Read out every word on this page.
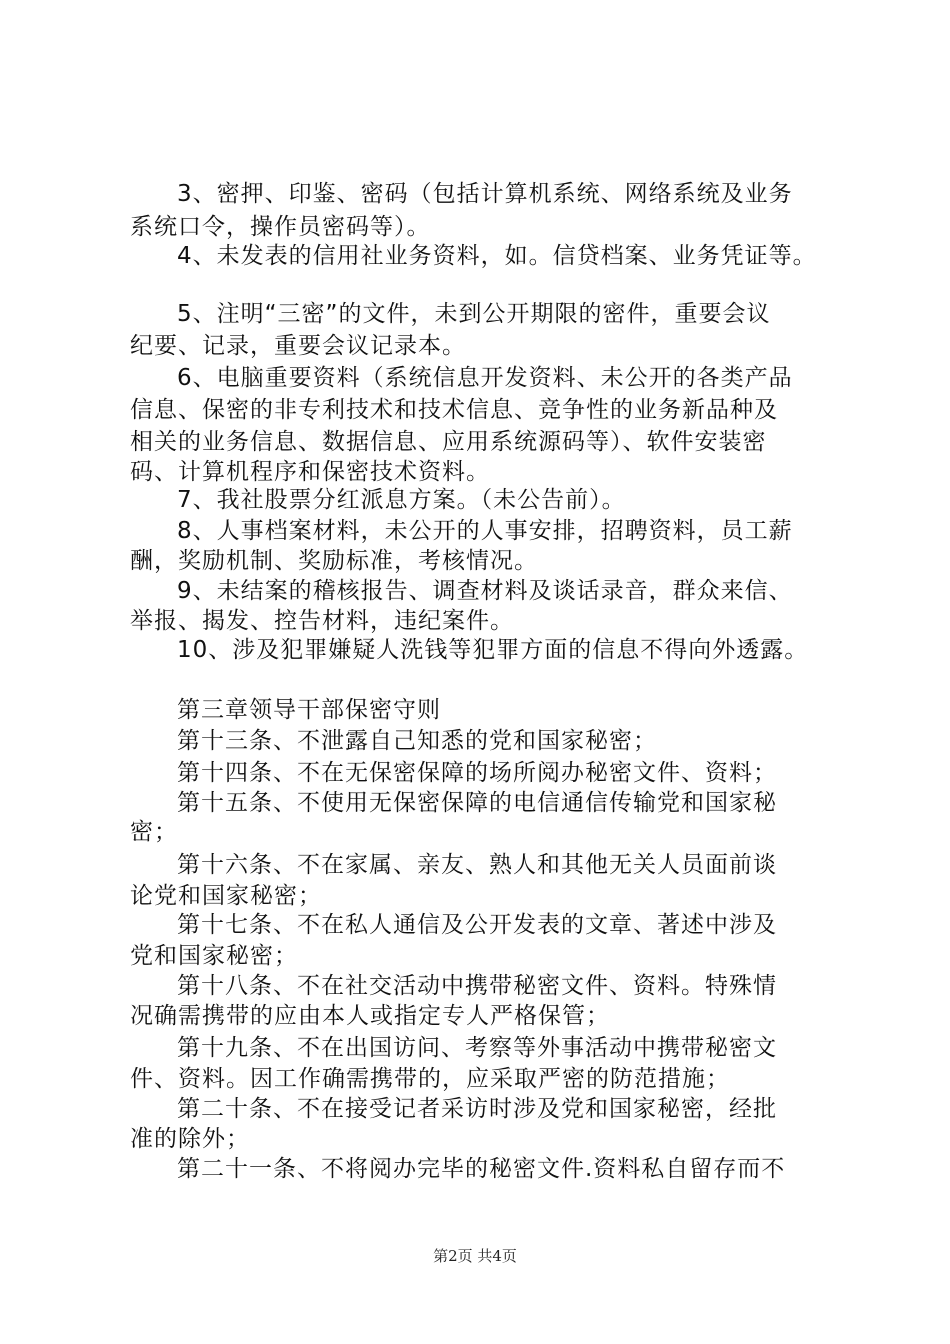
3、密押、印鉴、密码（包括计算机系统、网络系统及业务
系统口令，操作员密码等）。
4、未发表的信用社业务资料，如。信贷档案、业务凭证等。
5、注明“三密”的文件，未到公开期限的密件，重要会议
纪要、记录，重要会议记录本。
6、电脑重要资料（系统信息开发资料、未公开的各类产品
信息、保密的非专利技术和技术信息、竞争性的业务新品种及
相关的业务信息、数据信息、应用系统源码等）、软件安装密
码、计算机程序和保密技术资料。
7、我社股票分红派息方案。（未公告前）。
8、人事档案材料，未公开的人事安排，招聘资料，员工薪
酬，奖励机制、奖励标准，考核情况。
9、未结案的稽核报告、调查材料及谈话录音，群众来信、
举报、揭发、控告材料，违纪案件。
10、涉及犯罪嫌疑人洗钱等犯罪方面的信息不得向外透露。
第三章领导干部保密守则
第十三条、不泄露自己知悉的党和国家秘密；
第十四条、不在无保密保障的场所阅办秘密文件、资料；
第十五条、不使用无保密保障的电信通信传输党和国家秘
密；
第十六条、不在家属、亲友、熟人和其他无关人员面前谈
论党和国家秘密；
第十七条、不在私人通信及公开发表的文章、著述中涉及
党和国家秘密；
第十八条、不在社交活动中携带秘密文件、资料。特殊情
况确需携带的应由本人或指定专人严格保管；
第十九条、不在出国访问、考察等外事活动中携带秘密文
件、资料。因工作确需携带的，应采取严密的防范措施；
第二十条、不在接受记者采访时涉及党和国家秘密，经批
准的除外；
第二十一条、不将阅办完毕的秘密文件.资料私自留存而不
第2页 共4页
